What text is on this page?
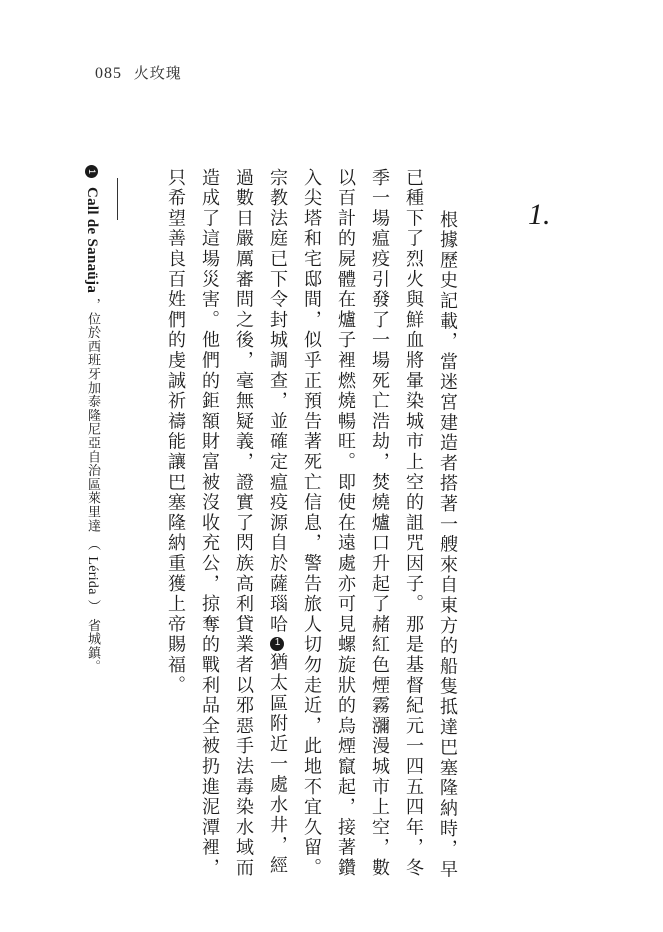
085 火玫瑰
1.
根據歷史記載，當迷宮建造者搭著一艘來自東方的船隻抵達巴塞隆納時，早
已種下了烈火與鮮血將暈染城市上空的詛咒因子。那是基督紀元一四五四年，冬
季一場瘟疫引發了一場死亡浩劫，焚燒爐口升起了赭紅色煙霧瀰漫城市上空，數
以百計的屍體在爐子裡燃燒暢旺。即使在遠處亦可見螺旋狀的烏煙竄起，接著鑽
入尖塔和宅邸間，似乎正預告著死亡信息，警告旅人切勿走近，此地不宜久留。
宗教法庭已下令封城調查，並確定瘟疫源自於薩瑙哈1猶太區附近一處水井，經
過數日嚴厲審問之後，毫無疑義，證實了閃族高利貸業者以邪惡手法毒染水域而
造成了這場災害。他們的鉅額財富被沒收充公，掠奪的戰利品全被扔進泥潭裡，
只希望善良百姓們的虔誠祈禱能讓巴塞隆納重獲上帝賜福。
1 Call de Sanaüja ，位於西班牙加泰隆尼亞自治區萊里達 （ Lérida ） 省城鎮。
